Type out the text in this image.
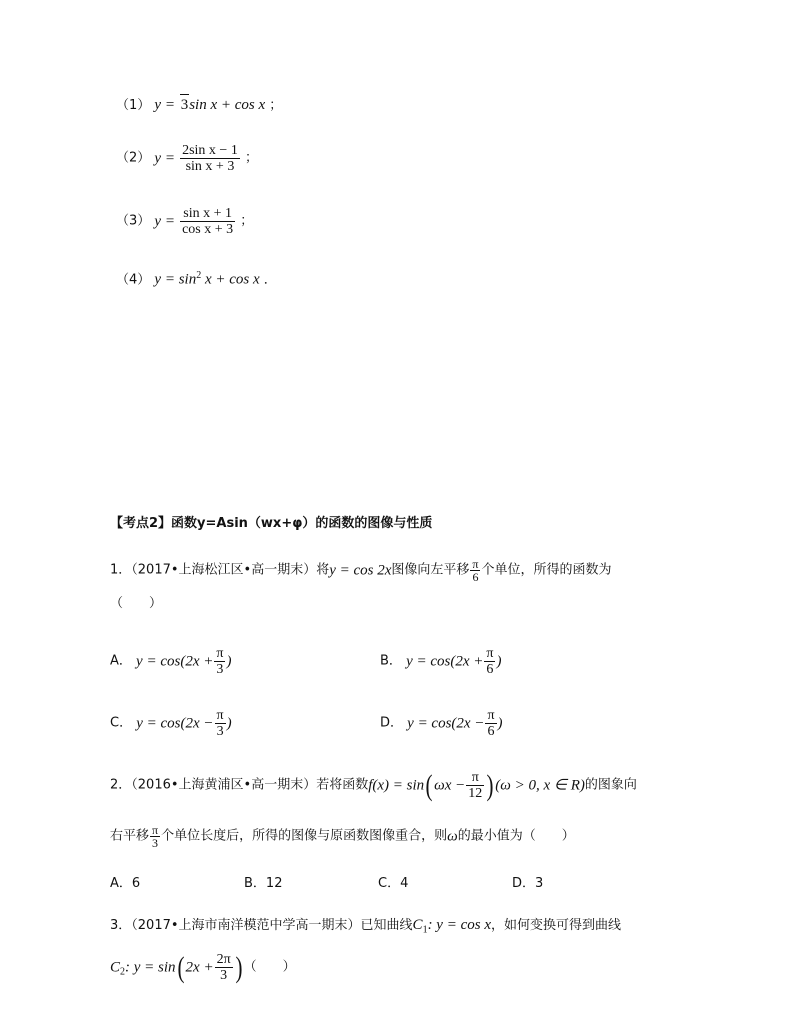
（1） y = 3sin x + cos x ；
（2） $y = \frac{\text{2sin x − 1}}{\text{sin x + 3}}$ ；
（3） $y = \frac{\text{sin x + 1}}{\text{cos x + 3}}$ ；
（4） $y = \sin^2 x + \cos x$ ．
【考点2】函数y=Asin（wx+φ）的函数的图像与性质
1．（2017•上海松江区•高一期末）将y = cos 2x图像向左平移 $\frac{\pi}{6}$ 个单位，所得的函数为
（　　）
A． $y = \cos(2x + \frac{\pi}{3}$ )	B． $y = \cos(2x + \frac{\pi}{6}$ )
C． $y = \cos(2x - \frac{\pi}{3}$ )	D． $y = \cos(2x - \frac{\pi}{6}$ )
2．（2016•上海黄浦区•高一期末）若将函数f(x) = sin( $\omega x - \frac{\pi}{12}$ ) (ω > 0, x ∈ R)的图象向
右平移 $\frac{\pi}{3}$ 个单位长度后，所得的图像与原函数图像重合，则ω的最小值为（　　）
A．6	B．12	C．4	D．3
3．（2017•上海市南洋模范中学高一期末）已知曲线$C_1$: y = cos x，如何变换可得到曲线
$C_2$: y = sin( $2x + \frac{2\pi}{3}$ ) （　　）
